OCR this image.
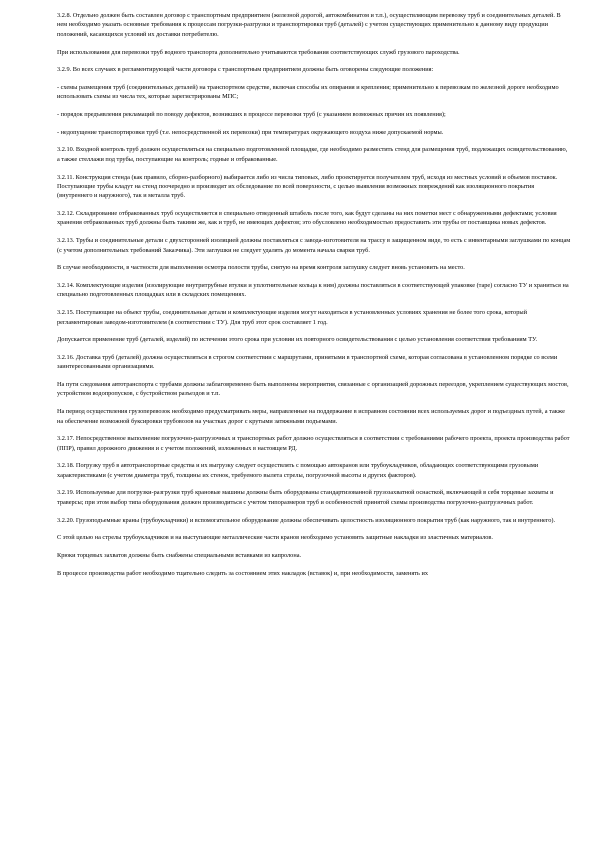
3.2.8. Отдельно должен быть составлен договор с транспортным предприятием (железной дорогой, автокомбинатом и т.п.), осуществляющим перевозку труб и соединительных деталей. В нем необходимо указать основные требования к процессам погрузки-разгрузки и транспортировки труб (деталей) с учетом существующих применительно к данному виду продукции положений, касающихся условий их доставки потребителю.

При использовании для перевозки труб водного транспорта дополнительно учитываются требования соответствующих служб грузового пароходства.

3.2.9. Во всех случаях в регламентирующей части договора с транспортным предприятием должны быть оговорены следующие положения:

- схемы размещения труб (соединительных деталей) на транспортном средстве, включая способы их опирания и крепления; применительно к перевозкам по железной дороге необходимо использовать схемы из числа тех, которые зарегистрированы МПС;

- порядок предъявления рекламаций по поводу дефектов, возникших в процессе перевозки труб (с указанием возможных причин их появления);

- недопущение транспортировки труб (т.е. непосредственной их перевозки) при температурах окружающего воздуха ниже допускаемой нормы.

3.2.10. Входной контроль труб должен осуществляться на специально подготовленной площадке, где необходимо разместить стенд для размещения труб, подлежащих освидетельствованию, а также стеллажи под трубы, поступающие на контроль; годные и отбракованные.

3.2.11. Конструкция стенда (как правило, сборно-разборного) выбирается либо из числа типовых, либо проектируется получателем труб, исходя из местных условий и объемов поставок. Поступающие трубы кладут на стенд поочередно и производят их обследование по всей поверхности, с целью выявления возможных повреждений как изоляционного покрытия (внутреннего и наружного), так и металла труб.

3.2.12. Складирование отбракованных труб осуществляется в специально отведенный штабель после того, как будут сделаны на них пометки мест с обнаруженными дефектами; условия хранения отбракованных труб должны быть такими же, как и труб, не имеющих дефектов; это обусловлено необходимостью предоставить эти трубы от поставщика новых дефектов.

3.2.13. Трубы и соединительные детали с двухсторонней изоляцией должны поставляться с завода-изготовителя на трассу в защищенном виде, то есть с инвентарными заглушками по концам (с учетом дополнительных требований Заказчика). Эти заглушки не следует удалять до момента начала сварки труб.

В случае необходимости, в частности для выполнения осмотра полости трубы, снятую на время контроля заглушку следует вновь установить на место.

3.2.14. Комплектующие изделия (изолирующие внутритрубные втулки и уплотнительные кольца к ним) должны поставляться в соответствующей упаковке (таре) согласно ТУ и храниться на специально подготовленных площадках или в складских помещениях.

3.2.15. Поступающие на объект трубы, соединительные детали и комплектующие изделия могут находиться в установленных условиях хранения не более того срока, который регламентирован заводом-изготовителем (в соответствии с ТУ). Для труб этот срок составляет 1 год.

Допускается применение труб (деталей, изделий) по истечении этого срока при условии их повторного освидетельствования с целью установления соответствия требованиям ТУ.

3.2.16. Доставка труб (деталей) должна осуществляться в строгом соответствии с маршрутами, принятыми в транспортной схеме, которая согласована в установленном порядке со всеми заинтересованными организациями.

На пути следования автотранспорта с трубами должны заблаговременно быть выполнены мероприятия, связанные с организацией дорожных переездов, укреплением существующих мостов, устройством водопропусков, с бустройством разъездов и т.п.

На период осуществления грузоперевозок необходимо предусматривать меры, направленные на поддержание в исправном состоянии всех используемых дорог и подъездных путей, а также на обеспечение возможной буксировки трубовозов на участках дорог с крутыми затяжными подъемами.

3.2.17. Непосредственное выполнение погрузочно-разгрузочных и транспортных работ должно осуществляться в соответствии с требованиями рабочего проекта, проекта производства работ (ППР), правил дорожного движения и с учетом положений, изложенных в настоящем РД.

3.2.18. Погрузку труб в автотранспортные средства и их выгрузку следует осуществлять с помощью автокранов или трубоукладчиков, обладающих соответствующими грузовыми характеристиками (с учетом диаметра труб, толщины их стенок, требуемого вылета стрелы, погрузочной высоты и других факторов).

3.2.19. Используемые для погрузки-разгрузки труб крановые машины должны быть оборудованы стандартизованной грузозахватной оснасткой, включающей в себя торцевые захваты и траверсы; при этом выбор типа оборудования должен производиться с учетом типоразмеров труб и особенностей принятой схемы производства погрузочно-разгрузочных работ.

3.2.20. Грузоподъемные краны (трубоукладчики) и вспомогательное оборудование должны обеспечивать целостность изоляционного покрытия труб (как наружного, так и внутреннего).

С этой целью на стрелы трубоукладчиков и на выступающие металлические части кранов необходимо установить защитные накладки из эластичных материалов.

Крюки торцевых захватов должны быть снабжены специальными вставками из капролона.

В процессе производства работ необходимо тщательно следить за состоянием этих накладок (вставок) и, при необходимости, заменять их
